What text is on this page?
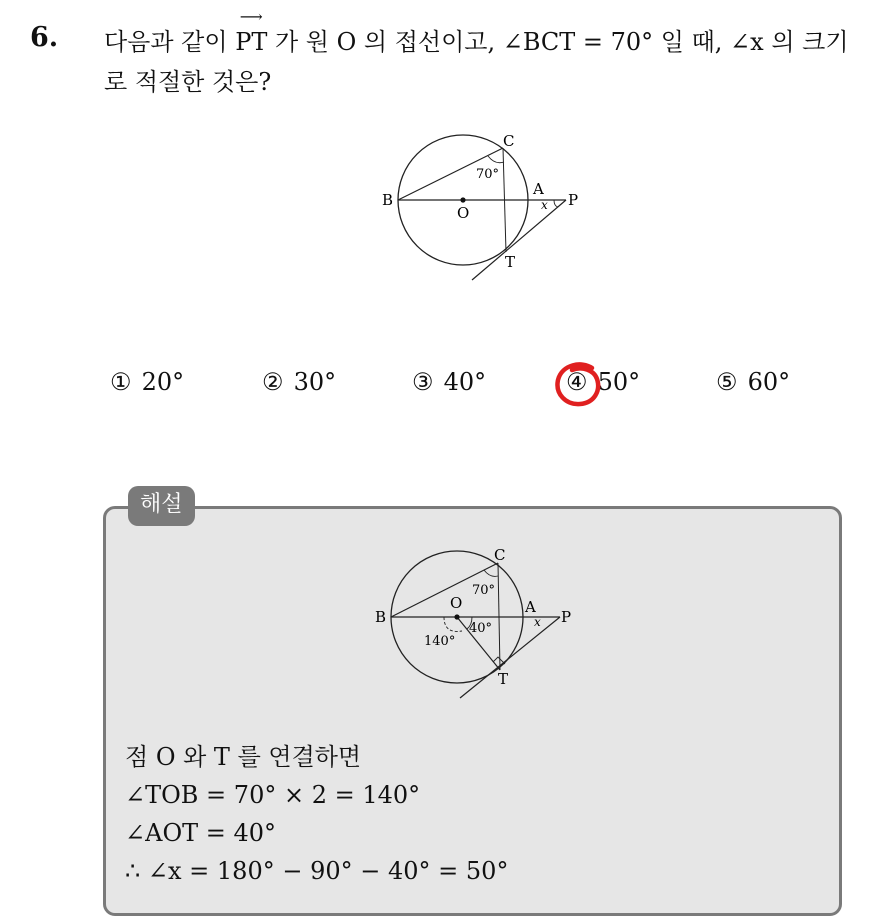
6. 다음과 같이
⟶
PT 가 원 O 의 접선이고, ∠BCT = 70° 일 때, ∠x 의 크기로 적절한 것은?
C
B
O
A
P
T
x
70°
① 20°	② 30°	③ 40°	④ 50°	⑤ 60°
해설
C
B
O	A
P
T
x
70°
40°
140°
점 O 와 T 를 연결하면
∠TOB = 70° × 2 = 140°
∠AOT = 40°
∴ ∠x = 180° − 90° − 40° = 50°
